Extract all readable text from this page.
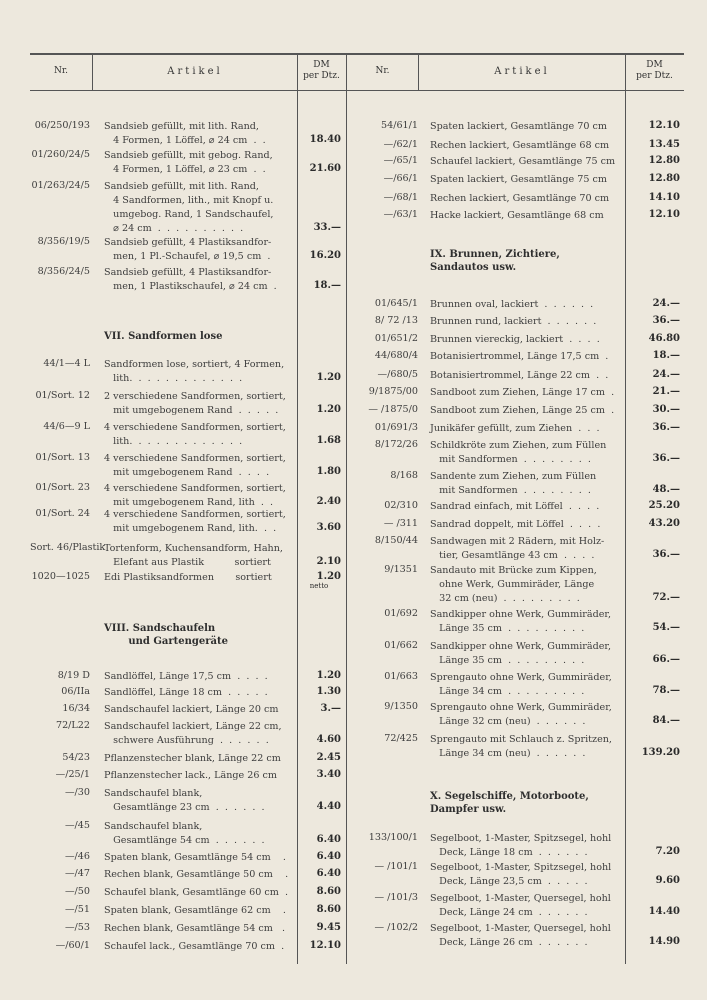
Nr.	Artikel
DM
per Dtz.	Nr.	Artikel
DM
per Dtz.
06/250/193 Sandsieb gefüllt, mit lith. Rand,
4 Formen, 1 Löffel, ⌀ 24 cm  .  .	18.40
01/260/24/5 Sandsieb gefüllt, mit gebog. Rand,
4 Formen, 1 Löffel, ⌀ 23 cm  .  .	21.60
01/263/24/5 Sandsieb gefüllt, mit lith. Rand,
4 Sandformen, lith., mit Knopf u.
umgebog. Rand, 1 Sandschaufel,
⌀ 24 cm  .  .  .  .  .  .  .  .  .  .	33.—
8/356/19/5 Sandsieb gefüllt, 4 Plastiksandfor-
men, 1 Pl.-Schaufel, ⌀ 19,5 cm  .	16.20
8/356/24/5 Sandsieb gefüllt, 4 Plastiksandfor-
men, 1 Plastikschaufel, ⌀ 24 cm  .	18.—
VII. Sandformen lose
44/1—4 L Sandformen lose, sortiert, 4 Formen,
lith.  .  .  .  .  .  .  .  .  .  .  .  .	1.20
01/Sort. 12 2 verschiedene Sandformen, sortiert,
mit umgebogenem Rand  .  .  .  .  .	1.20
44/6—9 L 4 verschiedene Sandformen, sortiert,
lith.  .  .  .  .  .  .  .  .  .  .  .  .	1.68
01/Sort. 13 4 verschiedene Sandformen, sortiert,
mit umgebogenem Rand  .  .  .  .	1.80
01/Sort. 23 4 verschiedene Sandformen, sortiert,
mit umgebogenem Rand, lith  .  .	2.40
01/Sort. 24 4 verschiedene Sandformen, sortiert,
mit umgebogenem Rand, lith.  .  .	3.60
Sort. 46/Plastik
Tortenform, Kuchensandform, Hahn,
Elefant aus Plastik          sortiert	2.10
1020—1025 Edi Plastiksandformen       sortiert	1.20
netto
VIII. Sandschaufeln
und Gartengeräte
8/19 D Sandlöffel, Länge 17,5 cm  .  .  .  .	1.20
06/IIa Sandlöffel, Länge 18 cm  .  .  .  .  .	1.30
16/34 Sandschaufel lackiert, Länge 20 cm	3.—
72/L22 Sandschaufel lackiert, Länge 22 cm,
schwere Ausführung  .  .  .  .  .  .	4.60
54/23 Pflanzenstecher blank, Länge 22 cm	2.45
—/25/1 Pflanzenstecher lack., Länge 26 cm	3.40
—/30 Sandschaufel blank,
Gesamtlänge 23 cm  .  .  .  .  .  .	4.40
—/45 Sandschaufel blank,
Gesamtlänge 54 cm  .  .  .  .  .  .	6.40
—/46 Spaten blank, Gesamtlänge 54 cm    .	6.40
—/47 Rechen blank, Gesamtlänge 50 cm    .	6.40
—/50 Schaufel blank, Gesamtlänge 60 cm  .	8.60
—/51 Spaten blank, Gesamtlänge 62 cm    .	8.60
—/53 Rechen blank, Gesamtlänge 54 cm   .	9.45
—/60/1 Schaufel lack., Gesamtlänge 70 cm  .	12.10
54/61/1 Spaten lackiert, Gesamtlänge 70 cm	12.10
—/62/1 Rechen lackiert, Gesamtlänge 68 cm	13.45
—/65/1 Schaufel lackiert, Gesamtlänge 75 cm	12.80
—/66/1 Spaten lackiert, Gesamtlänge 75 cm	12.80
—/68/1 Rechen lackiert, Gesamtlänge 70 cm	14.10
—/63/1 Hacke lackiert, Gesamtlänge 68 cm	12.10
IX. Brunnen, Zichtiere,
Sandautos usw.
01/645/1 Brunnen oval, lackiert  .  .  .  .  .  .	24.—
8/ 72 /13 Brunnen rund, lackiert  .  .  .  .  .  .	36.—
01/651/2 Brunnen viereckig, lackiert  .  .  .  .	46.80
44/680/4 Botanisiertrommel, Länge 17,5 cm  .	18.—
—/680/5 Botanisiertrommel, Länge 22 cm  .  .	24.—
9/1875/00 Sandboot zum Ziehen, Länge 17 cm  .	21.—
— /1875/0 Sandboot zum Ziehen, Länge 25 cm  .	30.—
01/691/3 Junikäfer gefüllt, zum Ziehen  .  .  .	36.—
8/172/26 Schildkröte zum Ziehen, zum Füllen
mit Sandformen  .  .  .  .  .  .  .  .	36.—
8/168 Sandente zum Ziehen, zum Füllen
mit Sandformen  .  .  .  .  .  .  .  .	48.—
02/310 Sandrad einfach, mit Löffel  .  .  .  .	25.20
— /311 Sandrad doppelt, mit Löffel  .  .  .  .	43.20
8/150/44 Sandwagen mit 2 Rädern, mit Holz-
tier, Gesamtlänge 43 cm  .  .  .  .	36.—
9/1351 Sandauto mit Brücke zum Kippen,
ohne Werk, Gummiräder, Länge
32 cm (neu)  .  .  .  .  .  .  .  .  .	72.—
01/692 Sandkipper ohne Werk, Gummiräder,
Länge 35 cm  .  .  .  .  .  .  .  .  .	54.—
01/662 Sandkipper ohne Werk, Gummiräder,
Länge 35 cm  .  .  .  .  .  .  .  .  .	66.—
01/663 Sprengauto ohne Werk, Gummiräder,
Länge 34 cm  .  .  .  .  .  .  .  .  .	78.—
9/1350 Sprengauto ohne Werk, Gummiräder,
Länge 32 cm (neu)  .  .  .  .  .  .	84.—
72/425 Sprengauto mit Schlauch z. Spritzen,
Länge 34 cm (neu)  .  .  .  .  .  .	139.20
X. Segelschiffe, Motorboote,
Dampfer usw.
133/100/1 Segelboot, 1-Master, Spitzsegel, hohl
Deck, Länge 18 cm  .  .  .  .  .  .	7.20
— /101/1 Segelboot, 1-Master, Spitzsegel, hohl
Deck, Länge 23,5 cm  .  .  .  .  .	9.60
— /101/3 Segelboot, 1-Master, Quersegel, hohl
Deck, Länge 24 cm  .  .  .  .  .  .	14.40
— /102/2 Segelboot, 1-Master, Quersegel, hohl
Deck, Länge 26 cm  .  .  .  .  .  .	14.90
